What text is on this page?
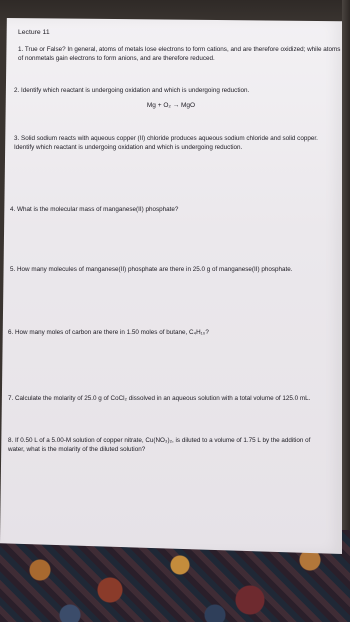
Lecture 11
1. True or False? In general, atoms of metals lose electrons to form cations, and are therefore oxidized; while atoms of nonmetals gain electrons to form anions, and are therefore reduced.
2. Identify which reactant is undergoing oxidation and which is undergoing reduction.
Mg + O₂ → MgO
3. Solid sodium reacts with aqueous copper (II) chloride produces aqueous sodium chloride and solid copper. Identify which reactant is undergoing oxidation and which is undergoing reduction.
4. What is the molecular mass of manganese(II) phosphate?
5. How many molecules of manganese(II) phosphate are there in 25.0 g of manganese(II) phosphate.
6. How many moles of carbon are there in 1.50 moles of butane, C₄H₁₀?
7. Calculate the molarity of 25.0 g of CoCl₂ dissolved in an aqueous solution with a total volume of 125.0 mL.
8. If 0.50 L of a 5.00-M solution of copper nitrate, Cu(NO₃)₂, is diluted to a volume of 1.75 L by the addition of water, what is the molarity of the diluted solution?
